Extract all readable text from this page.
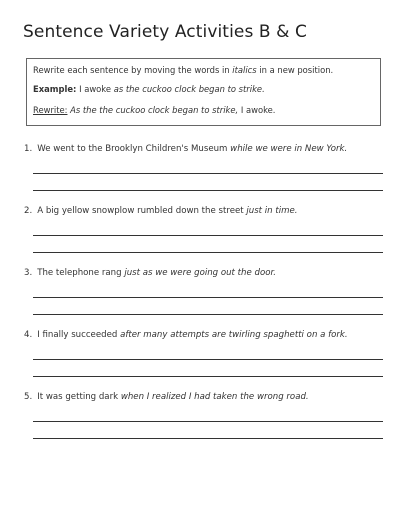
Sentence Variety Activities B & C

Rewrite each sentence by moving the words in italics in a new position.

Example: I awoke as the cuckoo clock began to strike.

Rewrite: As the the cuckoo clock began to strike, I awoke.

1. We went to the Brooklyn Children's Museum while we were in New York.
2. A big yellow snowplow rumbled down the street just in time.
3. The telephone rang just as we were going out the door.
4. I finally succeeded after many attempts are twirling spaghetti on a fork.
5. It was getting dark when I realized I had taken the wrong road.
